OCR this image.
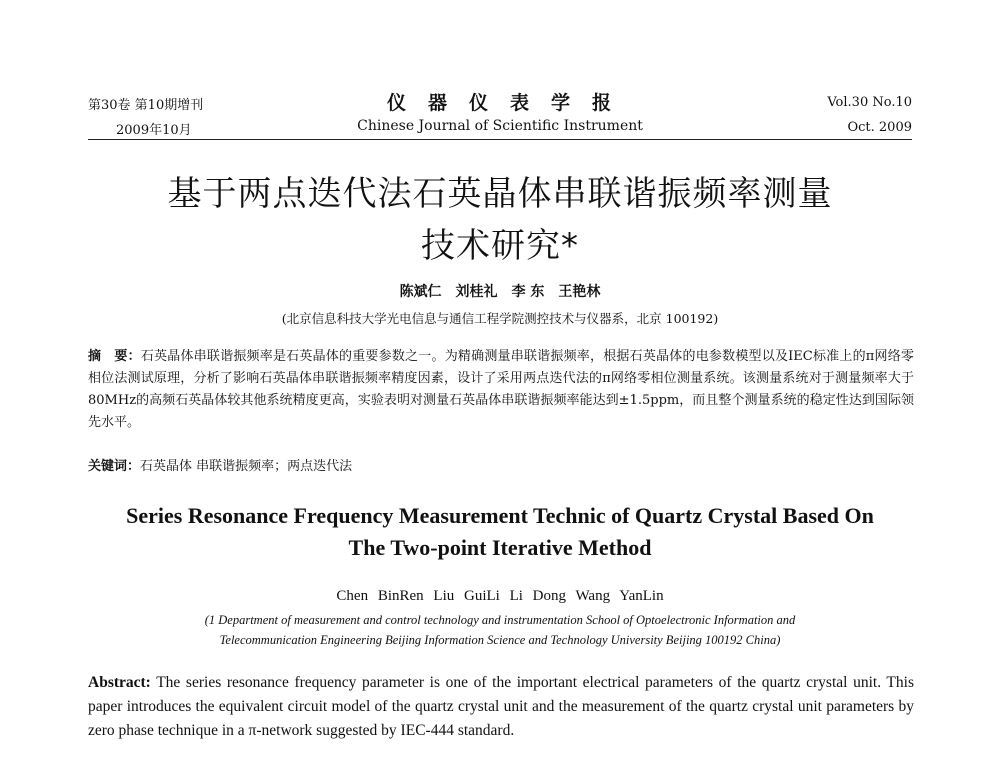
第30卷 第10期增刊
2009年10月
仪器仪表学报
Chinese Journal of Scientific Instrument
Vol.30 No.10
Oct. 2009
基于两点迭代法石英晶体串联谐振频率测量
技术研究*
陈斌仁　刘桂礼　李 东　王艳林
(北京信息科技大学光电信息与通信工程学院测控技术与仪器系，北京 100192)
摘　要：石英晶体串联谐振频率是石英晶体的重要参数之一。为精确测量串联谐振频率，根据石英晶体的电参数模型以及IEC标准上的π网络零相位法测试原理，分析了影响石英晶体串联谐振频率精度因素，设计了采用两点迭代法的π网络零相位测量系统。该测量系统对于测量频率大于80MHz的高频石英晶体较其他系统精度更高，实验表明对测量石英晶体串联谐振频率能达到±1.5ppm，而且整个测量系统的稳定性达到国际领先水平。
关键词：石英晶体 串联谐振频率；两点迭代法
Series Resonance Frequency Measurement Technic of Quartz Crystal Based On
The Two-point Iterative Method
Chen BinRen Liu GuiLi Li Dong Wang YanLin
(1 Department of measurement and control technology and instrumentation School of Optoelectronic Information and
Telecommunication Engineering Beijing Information Science and Technology University Beijing 100192 China)
Abstract: The series resonance frequency parameter is one of the important electrical parameters of the quartz crystal unit. This paper introduces the equivalent circuit model of the quartz crystal unit and the measurement of the quartz crystal unit parameters by zero phase technique in a π-network suggested by IEC-444 standard.
